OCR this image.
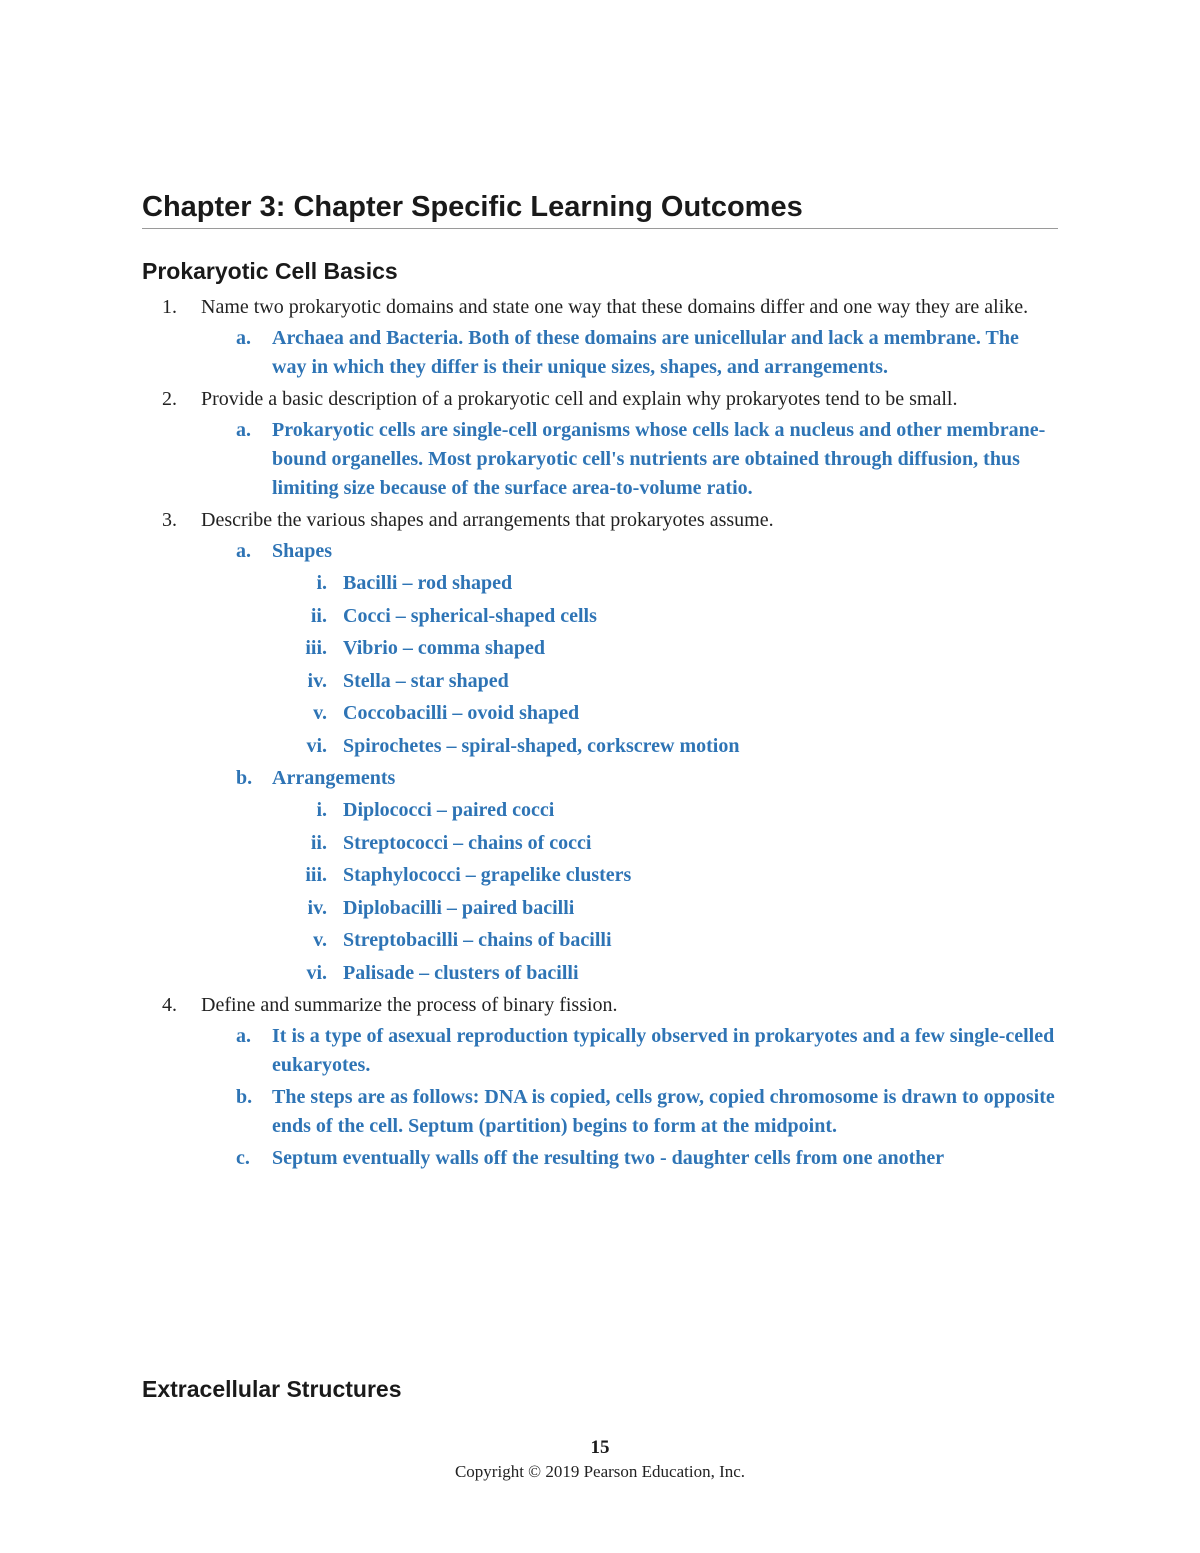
Chapter 3: Chapter Specific Learning Outcomes
Prokaryotic Cell Basics
1. Name two prokaryotic domains and state one way that these domains differ and one way they are alike.
a. Archaea and Bacteria. Both of these domains are unicellular and lack a membrane. The way in which they differ is their unique sizes, shapes, and arrangements.
2. Provide a basic description of a prokaryotic cell and explain why prokaryotes tend to be small.
a. Prokaryotic cells are single-cell organisms whose cells lack a nucleus and other membrane-bound organelles. Most prokaryotic cell's nutrients are obtained through diffusion, thus limiting size because of the surface area-to-volume ratio.
3. Describe the various shapes and arrangements that prokaryotes assume.
a. Shapes
i. Bacilli – rod shaped
ii. Cocci – spherical-shaped cells
iii. Vibrio – comma shaped
iv. Stella – star shaped
v. Coccobacilli – ovoid shaped
vi. Spirochetes – spiral-shaped, corkscrew motion
b. Arrangements
i. Diplococci – paired cocci
ii. Streptococci – chains of cocci
iii. Staphylococci – grapelike clusters
iv. Diplobacilli – paired bacilli
v. Streptobacilli – chains of bacilli
vi. Palisade – clusters of bacilli
4. Define and summarize the process of binary fission.
a. It is a type of asexual reproduction typically observed in prokaryotes and a few single-celled eukaryotes.
b. The steps are as follows: DNA is copied, cells grow, copied chromosome is drawn to opposite ends of the cell. Septum (partition) begins to form at the midpoint.
c. Septum eventually walls off the resulting two - daughter cells from one another
Extracellular Structures
15
Copyright © 2019 Pearson Education, Inc.
